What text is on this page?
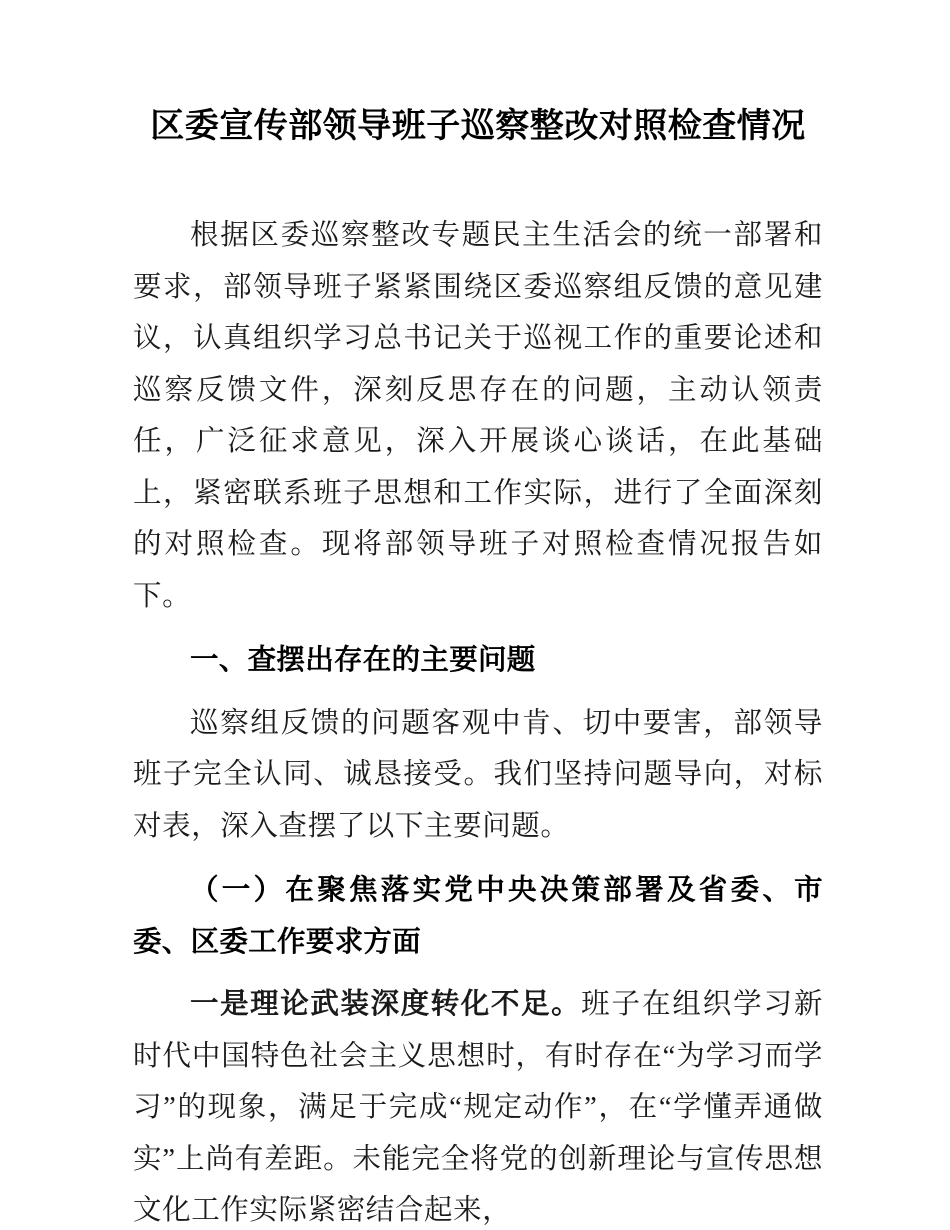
区委宣传部领导班子巡察整改对照检查情况

根据区委巡察整改专题民主生活会的统一部署和要求，部领导班子紧紧围绕区委巡察组反馈的意见建议，认真组织学习总书记关于巡视工作的重要论述和巡察反馈文件，深刻反思存在的问题，主动认领责任，广泛征求意见，深入开展谈心谈话，在此基础上，紧密联系班子思想和工作实际，进行了全面深刻的对照检查。现将部领导班子对照检查情况报告如下。

一、查摆出存在的主要问题

巡察组反馈的问题客观中肯、切中要害，部领导班子完全认同、诚恳接受。我们坚持问题导向，对标对表，深入查摆了以下主要问题。

（一）在聚焦落实党中央决策部署及省委、市委、区委工作要求方面

一是理论武装深度转化不足。班子在组织学习新时代中国特色社会主义思想时，有时存在“为学习而学习”的现象，满足于完成“规定动作”，在“学懂弄通做实”上尚有差距。未能完全将党的创新理论与宣传思想文化工作实际紧密结合起来，
